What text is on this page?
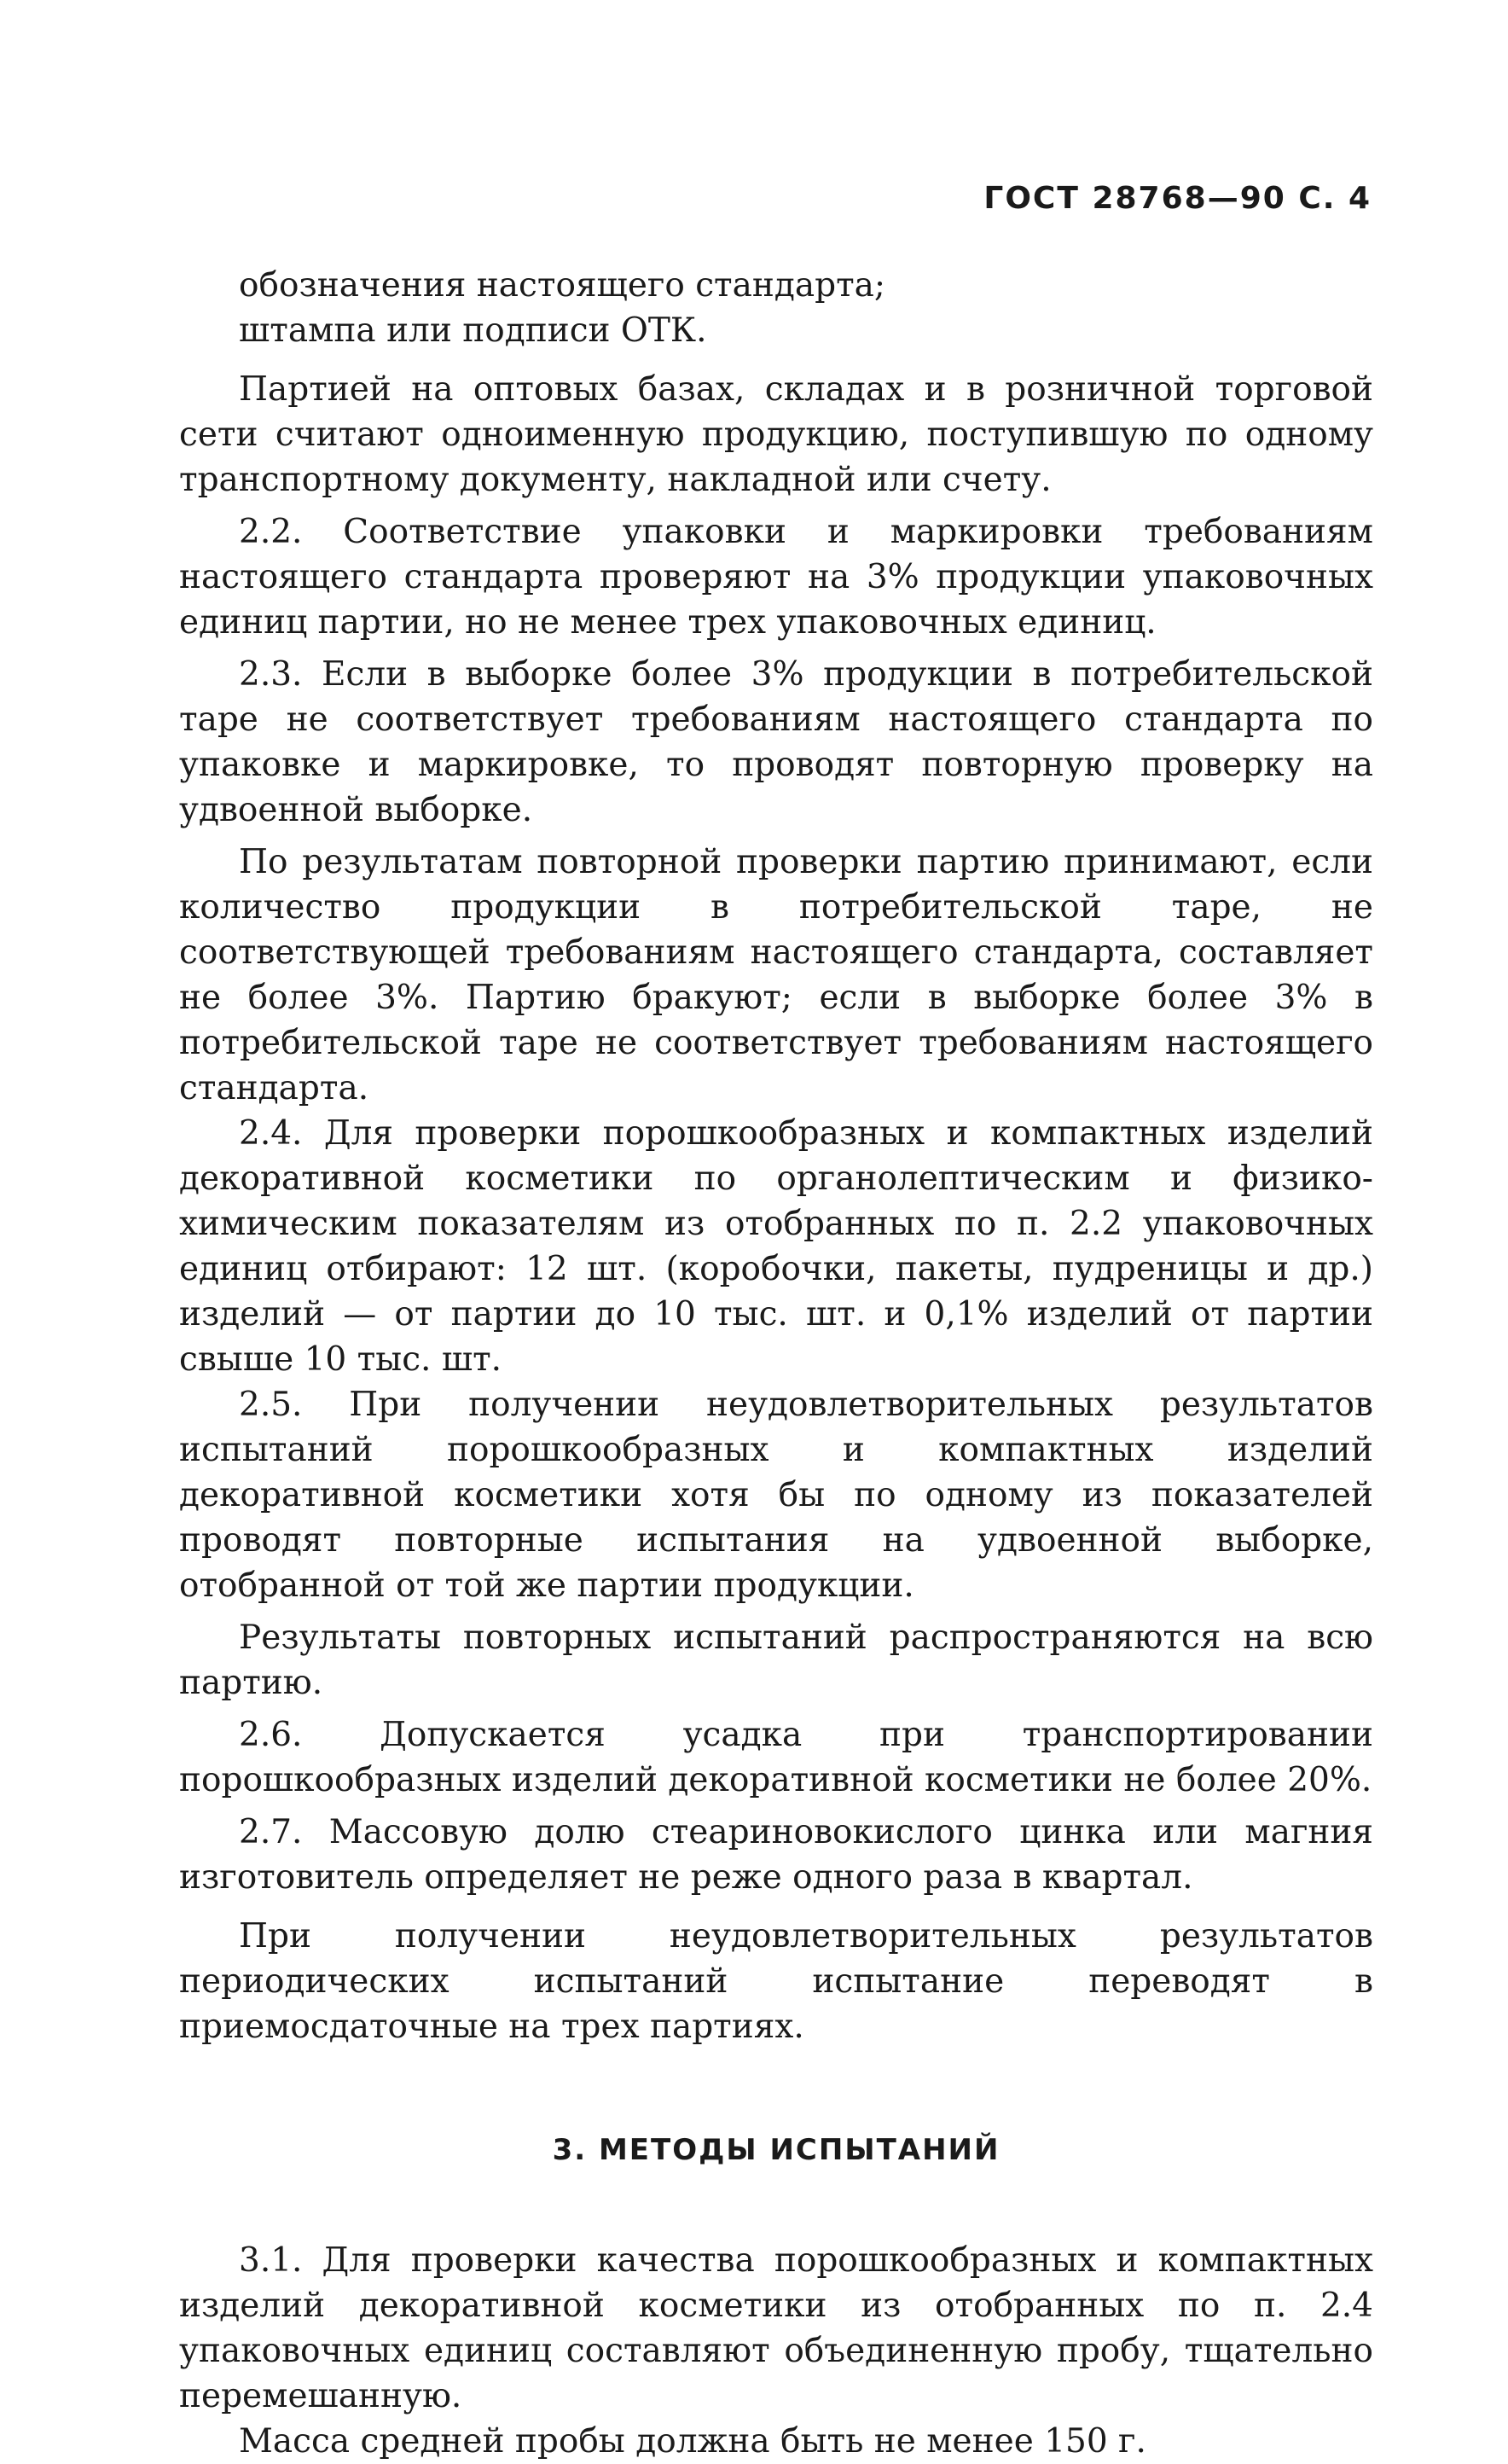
ГОСТ 28768—90 С. 4

обозначения настоящего стандарта;

штампа или подписи ОТК.

Партией на оптовых базах, складах и в розничной торговой сети считают одноименную продукцию, поступившую по одному транспортному документу, накладной или счету.

2.2. Соответствие упаковки и маркировки требованиям настоящего стандарта проверяют на 3% продукции упаковочных единиц партии, но не менее трех упаковочных единиц.

2.3. Если в выборке более 3% продукции в потребительской таре не соответствует требованиям настоящего стандарта по упаковке и маркировке, то проводят повторную проверку на удвоенной выборке.

По результатам повторной проверки партию принимают, если количество продукции в потребительской таре, не соответствующей требованиям настоящего стандарта, составляет не более 3%. Партию бракуют; если в выборке более 3% в потребительской таре не соответствует требованиям настоящего стандарта.

2.4. Для проверки порошкообразных и компактных изделий декоративной косметики по органолептическим и физико-химическим показателям из отобранных по п. 2.2 упаковочных единиц отбирают: 12 шт. (коробочки, пакеты, пудреницы и др.) изделий — от партии до 10 тыс. шт. и 0,1% изделий от партии свыше 10 тыс. шт.

2.5. При получении неудовлетворительных результатов испытаний порошкообразных и компактных изделий декоративной косметики хотя бы по одному из показателей проводят повторные испытания на удвоенной выборке, отобранной от той же партии продукции.

Результаты повторных испытаний распространяются на всю партию.

2.6. Допускается усадка при транспортировании порошкообразных изделий декоративной косметики не более 20%.

2.7. Массовую долю стеариновокислого цинка или магния изготовитель определяет не реже одного раза в квартал.

При получении неудовлетворительных результатов периодических испытаний испытание переводят в приемосдаточные на трех партиях.

3. МЕТОДЫ ИСПЫТАНИЙ

3.1. Для проверки качества порошкообразных и компактных изделий декоративной косметики из отобранных по п. 2.4 упаковочных единиц составляют объединенную пробу, тщательно перемешанную.

Масса средней пробы должна быть не менее 150 г.
